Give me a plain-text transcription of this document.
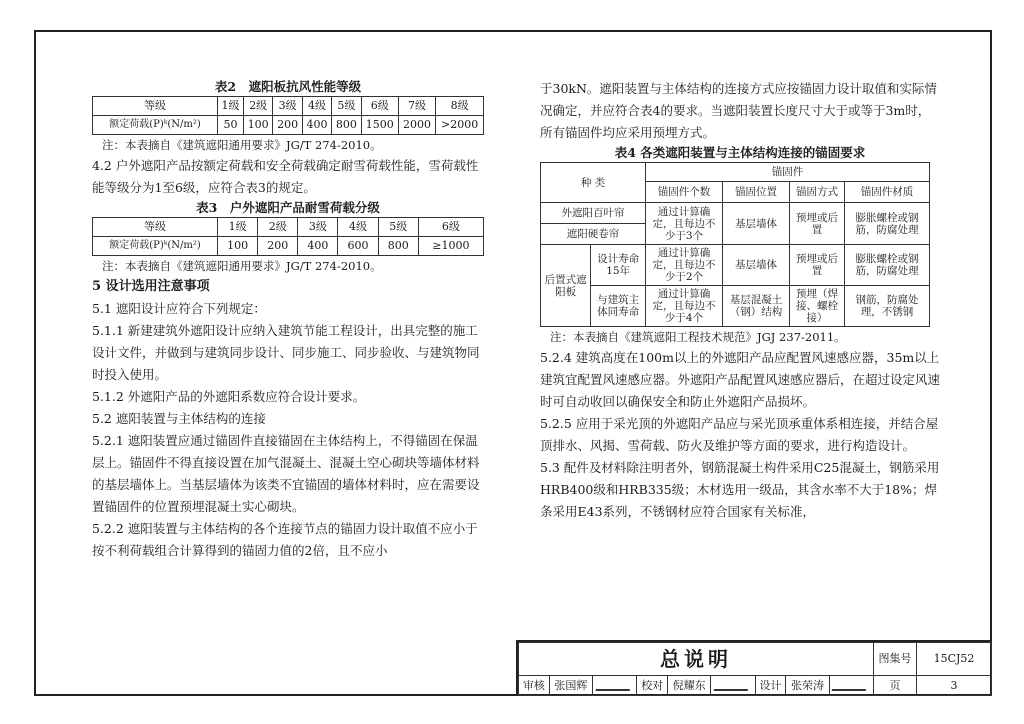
表2　遮阳板抗风性能等级

等级	1级	2级	3级	4级	5级	6级	7级	8级
额定荷载(P)ᵏ(N/m²)	50	100	200	400	800	1500	2000	>2000
注：本表摘自《建筑遮阳通用要求》JG/T 274-2010。

4.2 户外遮阳产品按额定荷载和安全荷载确定耐雪荷载性能，雪荷载性能等级分为1至6级，应符合表3的规定。

表3　户外遮阳产品耐雪荷载分级

等级	1级	2级	3级	4级	5级	6级
额定荷载(P)ᵏ(N/m²)	100	200	400	600	800	≥1000
注：本表摘自《建筑遮阳通用要求》JG/T 274-2010。
5 设计选用注意事项

5.1 遮阳设计应符合下列规定：

5.1.1 新建建筑外遮阳设计应纳入建筑节能工程设计，出具完整的施工设计文件，并做到与建筑同步设计、同步施工、同步验收、与建筑物同时投入使用。

5.1.2 外遮阳产品的外遮阳系数应符合设计要求。

5.2 遮阳装置与主体结构的连接

5.2.1 遮阳装置应通过锚固件直接锚固在主体结构上，不得锚固在保温层上。锚固件不得直接设置在加气混凝土、混凝土空心砌块等墙体材料的基层墙体上。当基层墙体为该类不宜锚固的墙体材料时，应在需要设置锚固件的位置预埋混凝土实心砌块。

5.2.2 遮阳装置与主体结构的各个连接节点的锚固力设计取值不应小于按不利荷载组合计算得到的锚固力值的2倍，且不应小

于30kN。遮阳装置与主体结构的连接方式应按锚固力设计取值和实际情况确定，并应符合表4的要求。当遮阳装置长度尺寸大于或等于3m时，所有锚固件均应采用预埋方式。

表4 各类遮阳装置与主体结构连接的锚固要求

种 类		锚固件			
		锚固件个数	锚固位置	锚固方式	锚固件材质
外遮阳百叶帘		通过计算确定，且每边不少于3个	基层墙体	预埋或后置	膨胀螺栓或钢筋，防腐处理
遮阳硬卷帘					
后置式遮阳板	设计寿命15年	通过计算确定，且每边不少于2个	基层墙体	预埋或后置	膨胀螺栓或钢筋，防腐处理
	与建筑主体同寿命	通过计算确定，且每边不少于4个	基层混凝土（钢）结构	预埋（焊接、螺栓接）	钢筋，防腐处理，不锈钢
注：本表摘自《建筑遮阳工程技术规范》JGJ 237-2011。

5.2.4 建筑高度在100m以上的外遮阳产品应配置风速感应器，35m以上建筑宜配置风速感应器。外遮阳产品配置风速感应器后，在超过设定风速时可自动收回以确保安全和防止外遮阳产品损坏。

5.2.5 应用于采光顶的外遮阳产品应与采光顶承重体系相连接，并结合屋顶排水、风揭、雪荷载、防火及维护等方面的要求，进行构造设计。

5.3 配件及材料除注明者外，钢筋混凝土构件采用C25混凝土，钢筋采用HRB400级和HRB335级；木材选用一级品，其含水率不大于18%；焊条采用E43系列，不锈钢材应符合国家有关标准，

总说明									图集号	15CJ52
审核	张国辉		校对	倪耀东		设计	张荣涛		页	3
